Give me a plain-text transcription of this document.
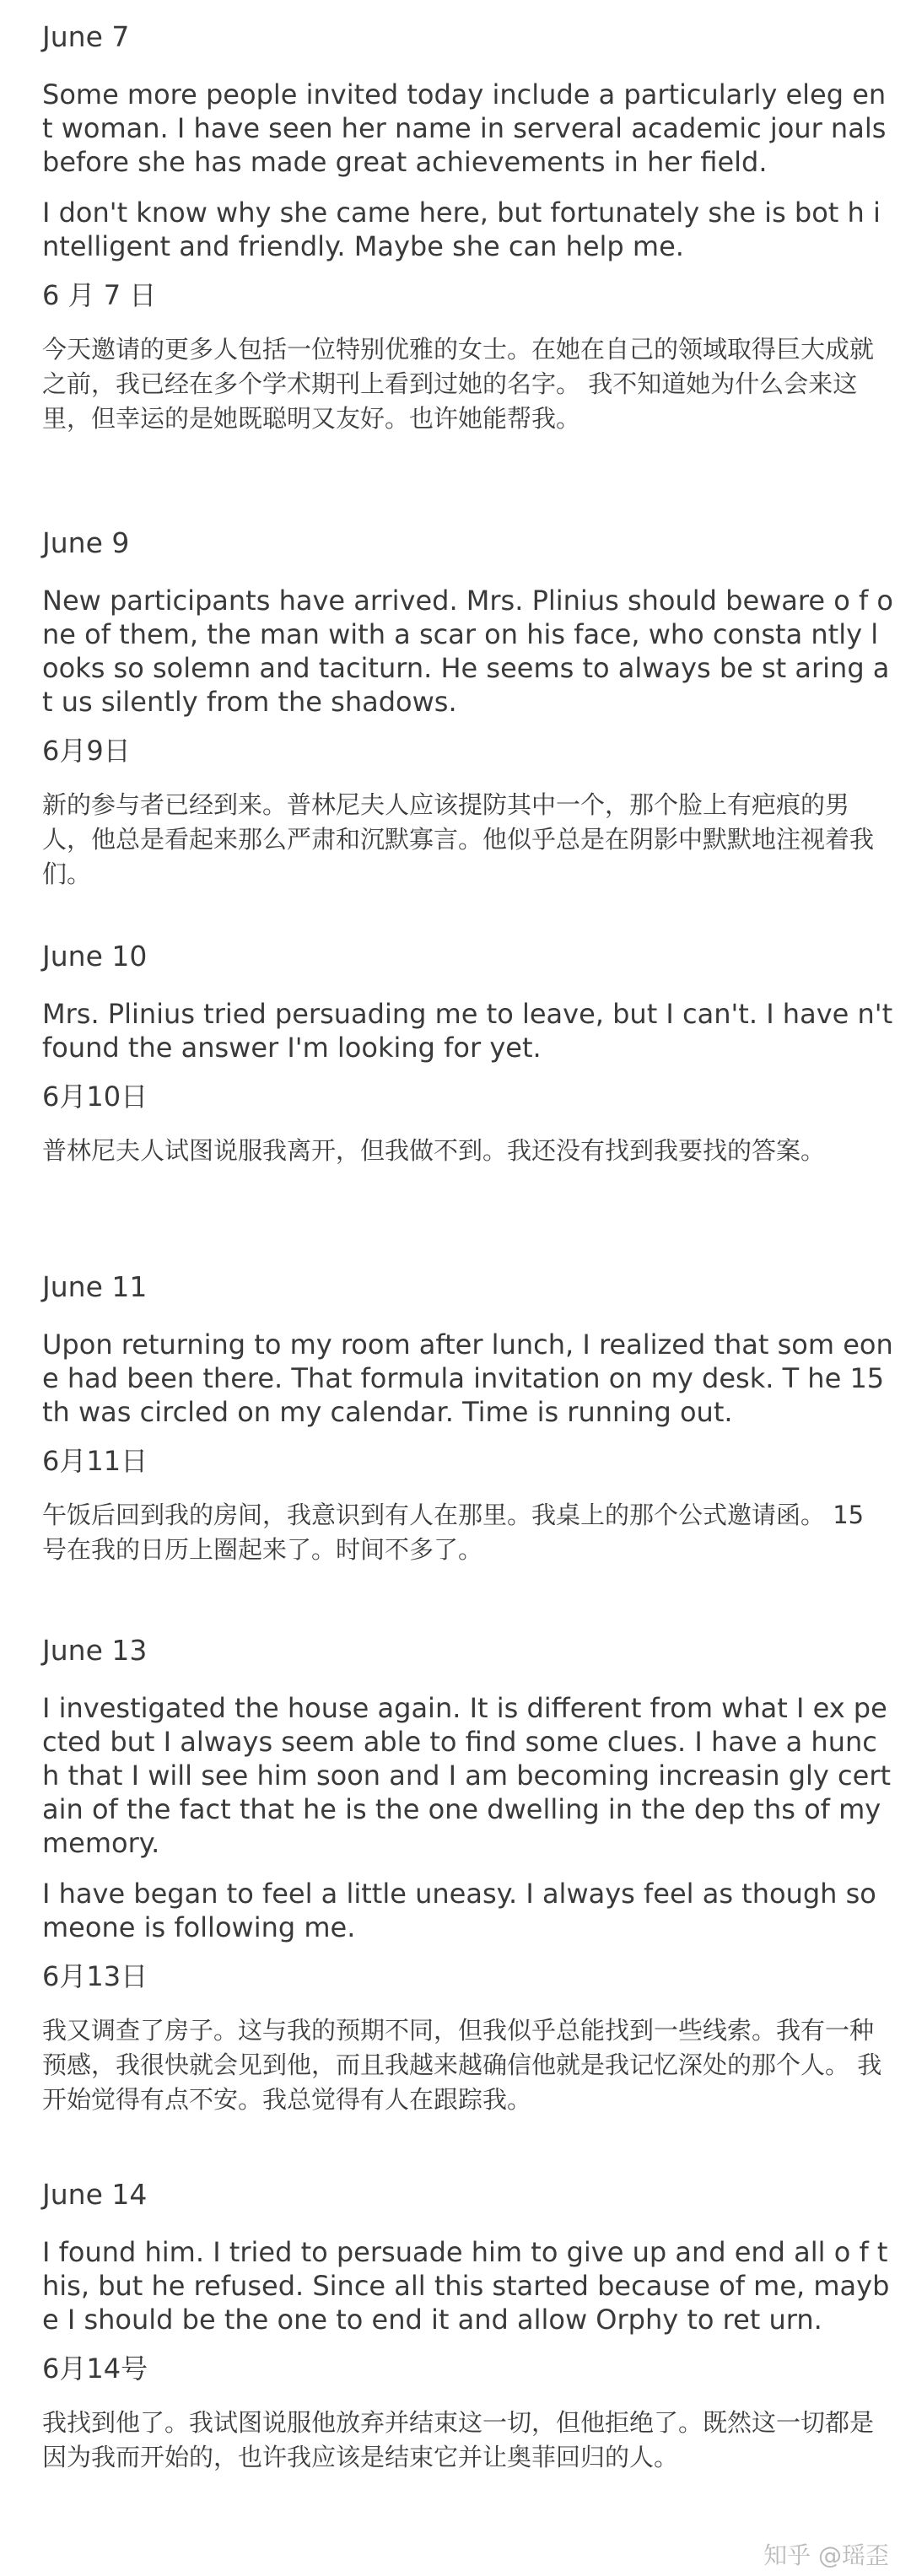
June 7

Some more people invited today include a particularly eleg ent woman. I have seen her name in serveral academic jour nals before she has made great achievements in her field.

I don't know why she came here, but fortunately she is bot h intelligent and friendly. Maybe she can help me.

6 月 7 日

今天邀请的更多人包括一位特别优雅的女士。在她在自己的领域取得巨大成就之前，我已经在多个学术期刊上看到过她的名字。 我不知道她为什么会来这里，但幸运的是她既聪明又友好。也许她能帮我。

June 9

New participants have arrived. Mrs. Plinius should beware o f one of them, the man with a scar on his face, who consta ntly looks so solemn and taciturn. He seems to always be st aring at us silently from the shadows.

6月9日

新的参与者已经到来。普林尼夫人应该提防其中一个，那个脸上有疤痕的男人，他总是看起来那么严肃和沉默寡言。他似乎总是在阴影中默默地注视着我们。

June 10

Mrs. Plinius tried persuading me to leave, but I can't. I have n't found the answer I'm looking for yet.

6月10日

普林尼夫人试图说服我离开，但我做不到。我还没有找到我要找的答案。

June 11

Upon returning to my room after lunch, I realized that som eone had been there. That formula invitation on my desk. T he 15th was circled on my calendar. Time is running out.

6月11日

午饭后回到我的房间，我意识到有人在那里。我桌上的那个公式邀请函。 15 号在我的日历上圈起来了。时间不多了。

June 13

I investigated the house again. It is different from what I ex pected but I always seem able to find some clues. I have a hunch that I will see him soon and I am becoming increasin gly certain of the fact that he is the one dwelling in the dep ths of my memory.

I have began to feel a little uneasy. I always feel as though someone is following me.

6月13日

我又调查了房子。这与我的预期不同，但我似乎总能找到一些线索。我有一种预感，我很快就会见到他，而且我越来越确信他就是我记忆深处的那个人。 我开始觉得有点不安。我总觉得有人在跟踪我。

June 14

I found him. I tried to persuade him to give up and end all o f this, but he refused. Since all this started because of me, maybe I should be the one to end it and allow Orphy to ret urn.

6月14号

我找到他了。我试图说服他放弃并结束这一切，但他拒绝了。既然这一切都是因为我而开始的，也许我应该是结束它并让奥菲回归的人。

知乎 @瑶歪
